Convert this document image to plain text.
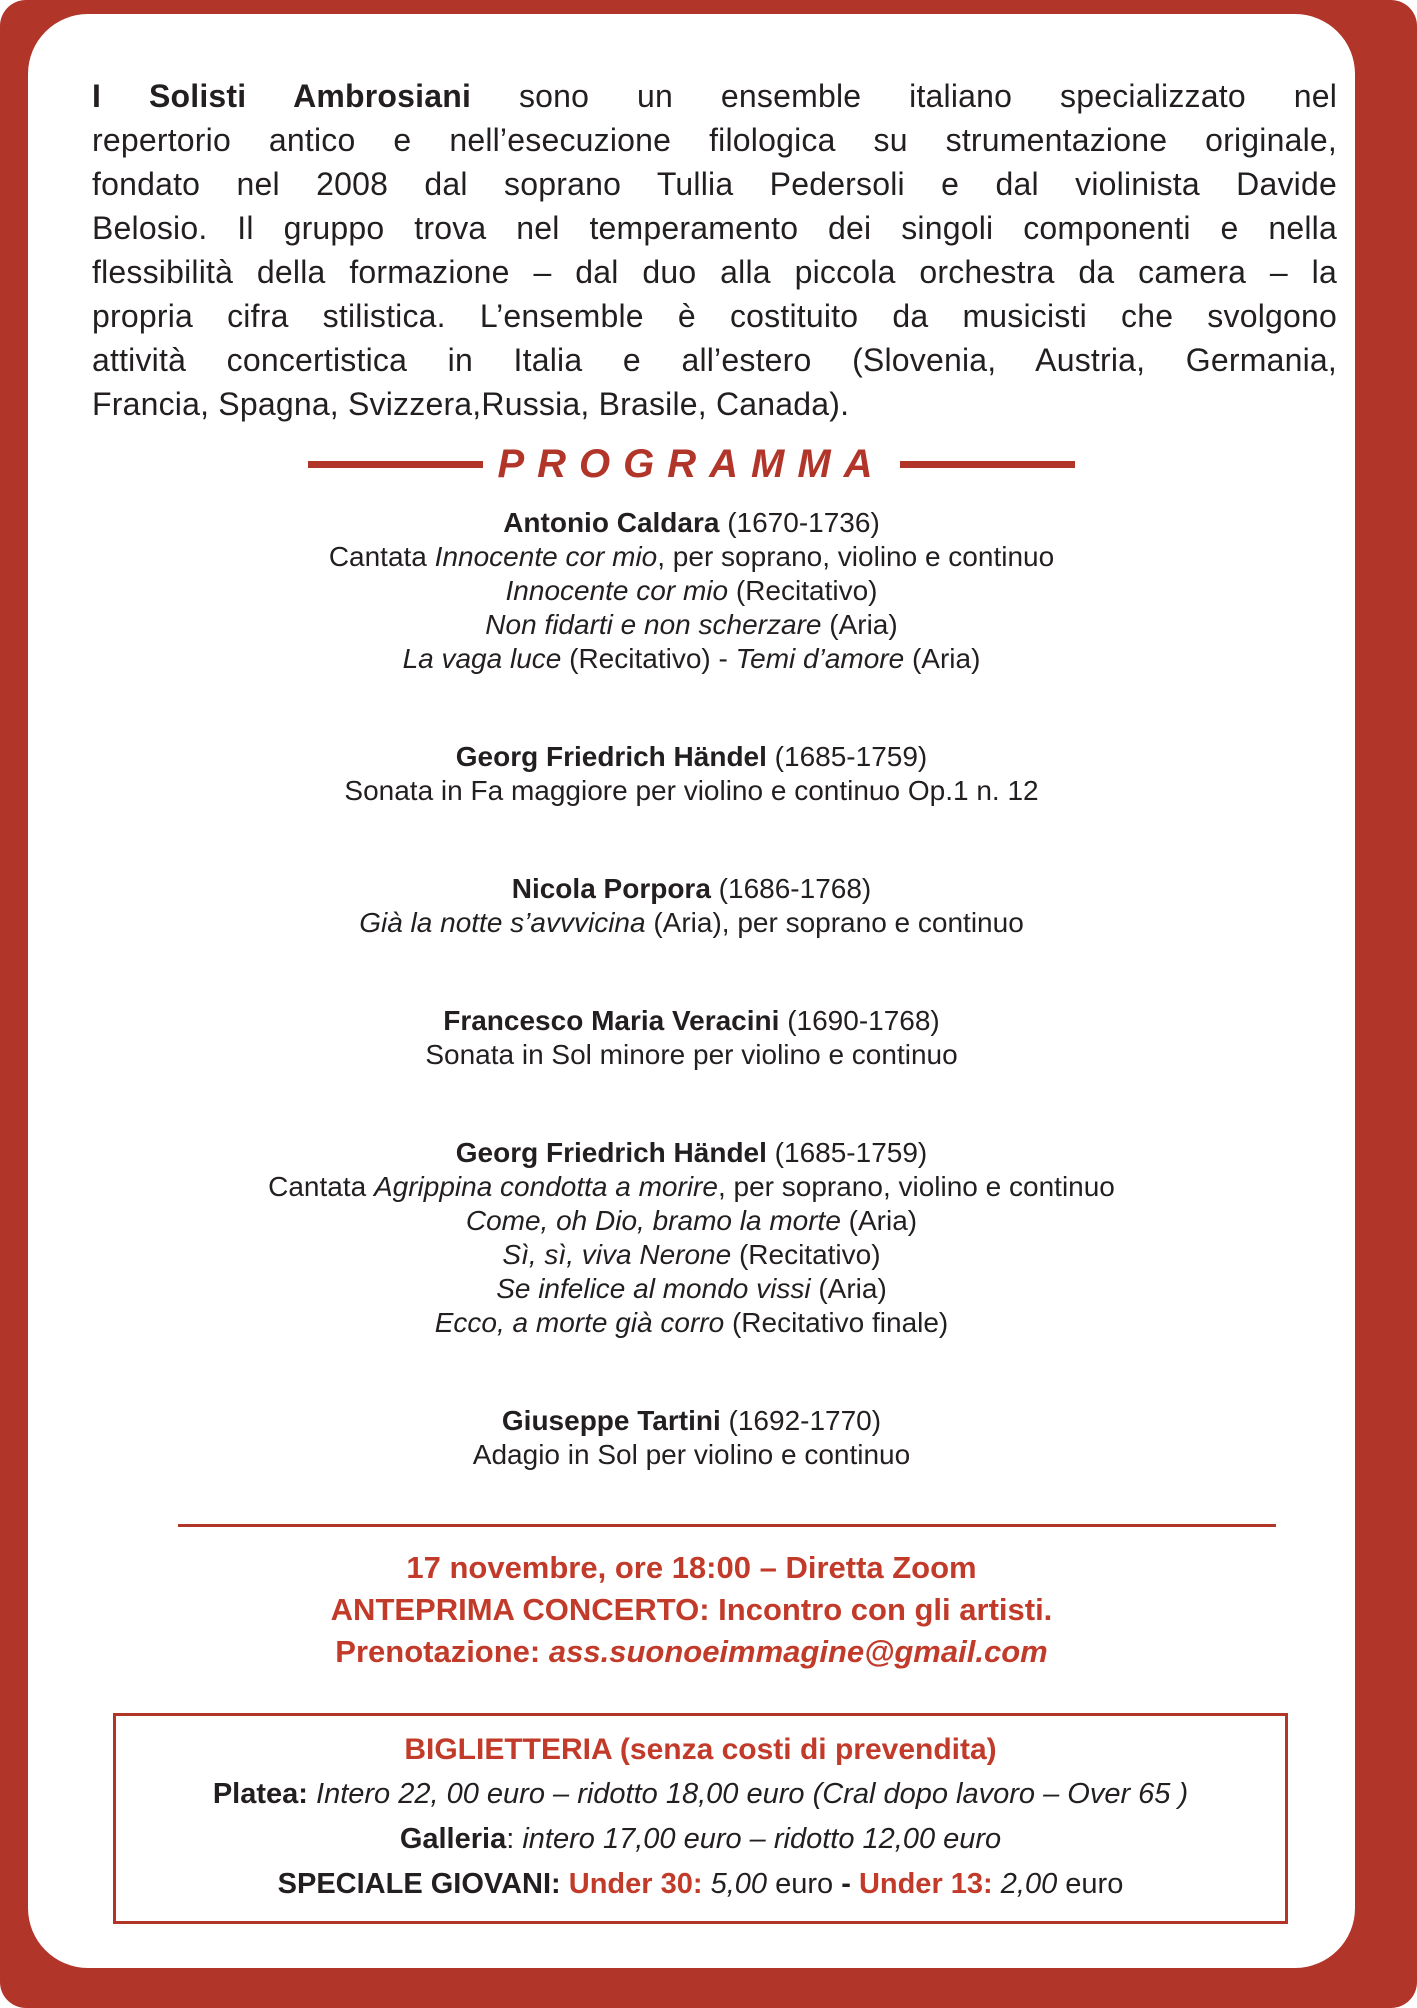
I Solisti Ambrosiani sono un ensemble italiano specializzato nel
repertorio antico e nell’esecuzione filologica su strumentazione originale,
fondato nel 2008 dal soprano Tullia Pedersoli e dal violinista Davide
Belosio. Il gruppo trova nel temperamento dei singoli componenti e nella
flessibilità della formazione – dal duo alla piccola orchestra da camera – la
propria cifra stilistica. L’ensemble è costituito da musicisti che svolgono
attività concertistica in Italia e all’estero (Slovenia, Austria, Germania,
Francia, Spagna, Svizzera,Russia, Brasile, Canada).
PROGRAMMA
Antonio Caldara (1670-1736)
Cantata Innocente cor mio, per soprano, violino e continuo
Innocente cor mio (Recitativo)
Non fidarti e non scherzare (Aria)
La vaga luce (Recitativo) - Temi d’amore (Aria)
Georg Friedrich Händel (1685-1759)
Sonata in Fa maggiore per violino e continuo Op.1 n. 12
Nicola Porpora (1686-1768)
Già la notte s’avvvicina (Aria), per soprano e continuo
Francesco Maria Veracini (1690-1768)
Sonata in Sol minore per violino e continuo
Georg Friedrich Händel (1685-1759)
Cantata Agrippina condotta a morire, per soprano, violino e continuo
Come, oh Dio, bramo la morte (Aria)
Sì, sì, viva Nerone (Recitativo)
Se infelice al mondo vissi (Aria)
Ecco, a morte già corro (Recitativo finale)
Giuseppe Tartini (1692-1770)
Adagio in Sol per violino e continuo
17 novembre, ore 18:00 – Diretta Zoom
ANTEPRIMA CONCERTO: Incontro con gli artisti.
Prenotazione: ass.suonoeimmagine@gmail.com
BIGLIETTERIA (senza costi di prevendita)
Platea: Intero 22, 00 euro – ridotto 18,00 euro (Cral dopo lavoro – Over 65 )
Galleria: intero 17,00 euro – ridotto 12,00 euro
SPECIALE GIOVANI: Under 30: 5,00 euro - Under 13: 2,00 euro
